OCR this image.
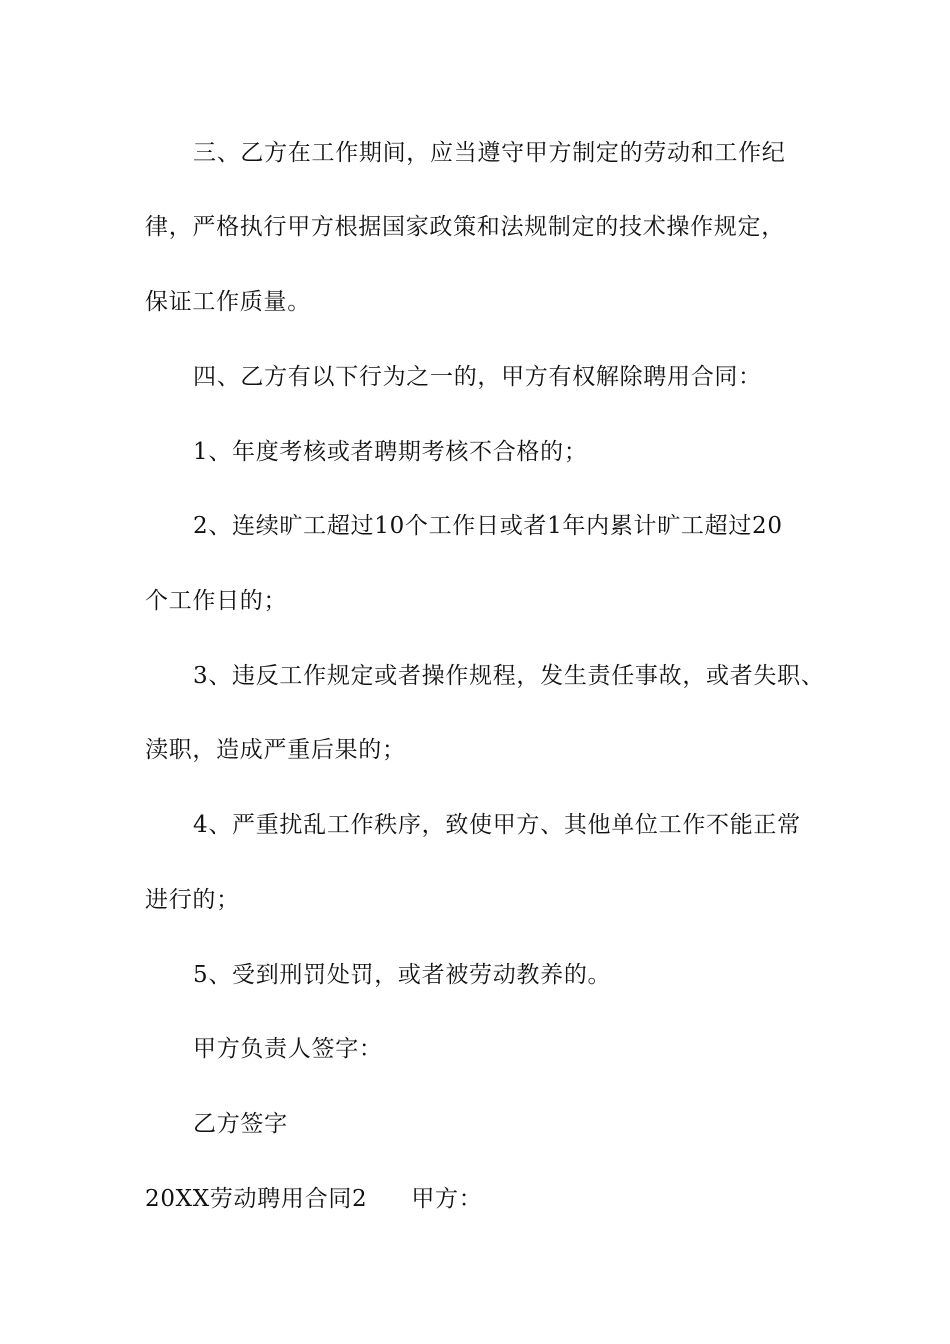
三、乙方在工作期间，应当遵守甲方制定的劳动和工作纪
律，严格执行甲方根据国家政策和法规制定的技术操作规定，
保证工作质量。
四、乙方有以下行为之一的，甲方有权解除聘用合同：
1、年度考核或者聘期考核不合格的；
2、连续旷工超过10个工作日或者1年内累计旷工超过20
个工作日的；
3、违反工作规定或者操作规程，发生责任事故，或者失职、
渎职，造成严重后果的；
4、严重扰乱工作秩序，致使甲方、其他单位工作不能正常
进行的；
5、受到刑罚处罚，或者被劳动教养的。
甲方负责人签字：
乙方签字
20XX劳动聘用合同2 甲方：
